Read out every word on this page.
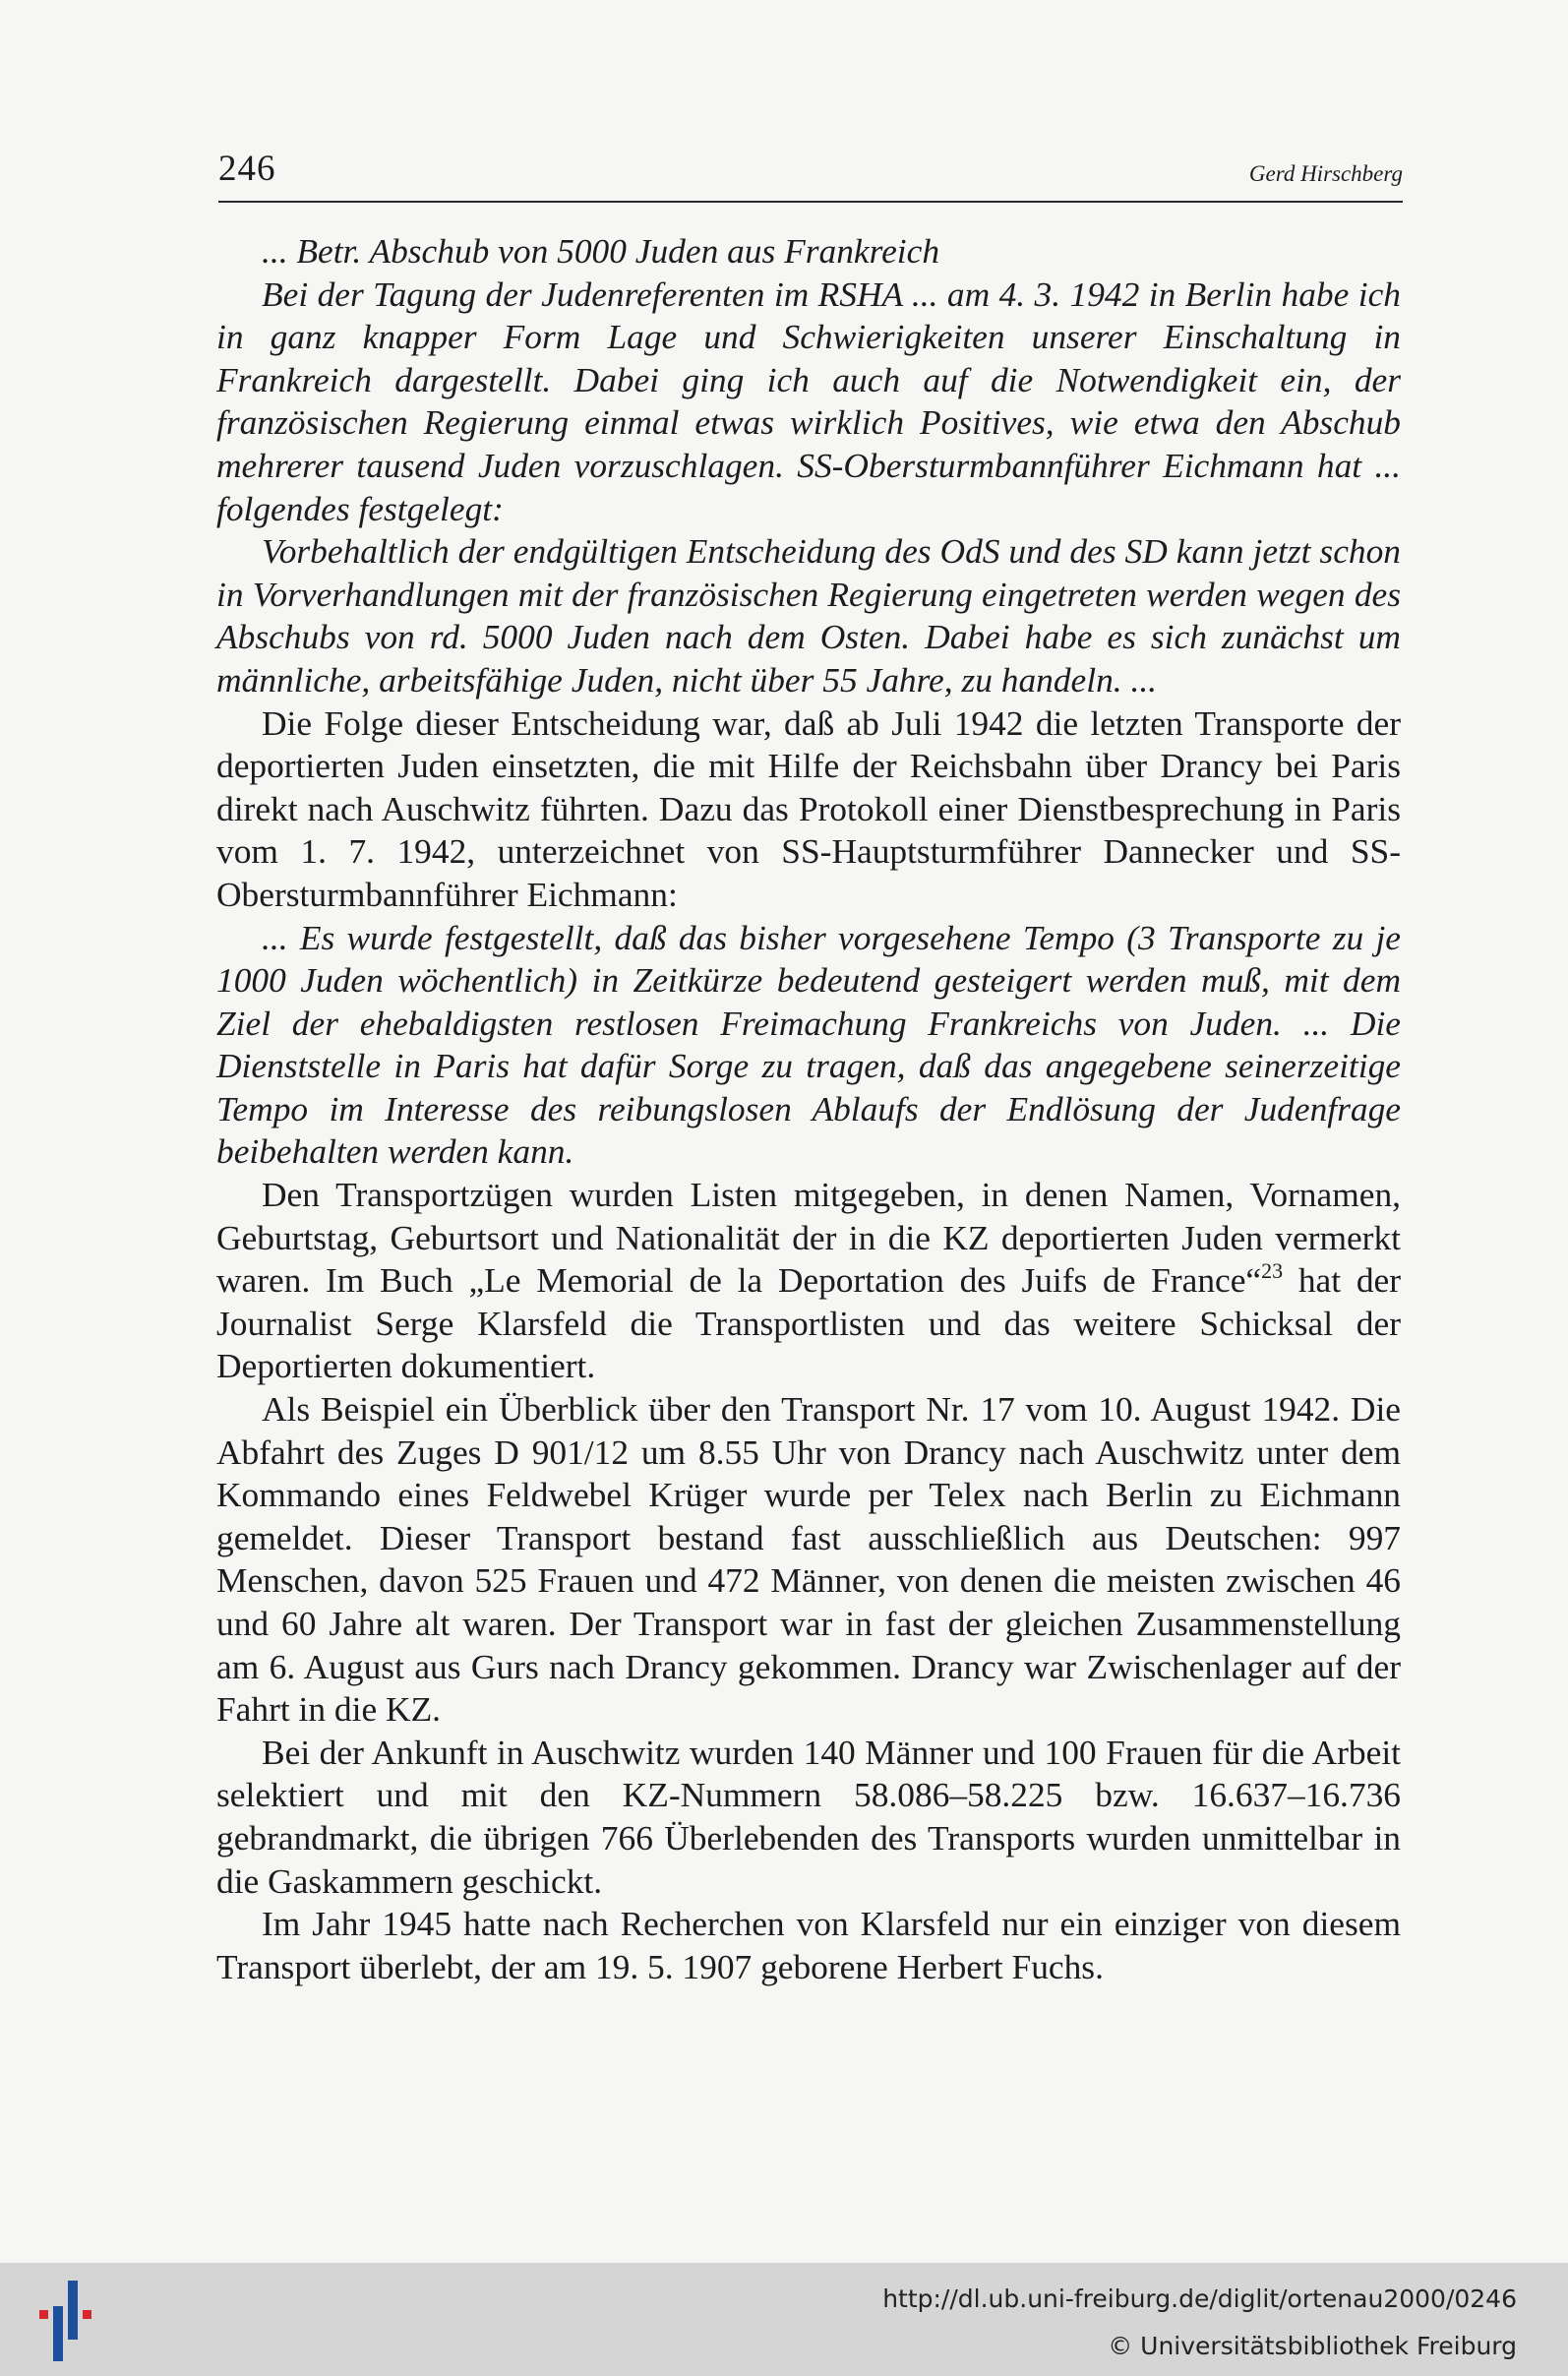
246	Gerd Hirschberg

... Betr. Abschub von 5000 Juden aus Frankreich

Bei der Tagung der Judenreferenten im RSHA ... am 4. 3. 1942 in Berlin habe ich in ganz knapper Form Lage und Schwierigkeiten unserer Einschaltung in Frankreich dargestellt. Dabei ging ich auch auf die Notwendigkeit ein, der französischen Regierung einmal etwas wirklich Positives, wie etwa den Abschub mehrerer tausend Juden vorzuschlagen. SS-Obersturmbannführer Eichmann hat ... folgendes festgelegt:

Vorbehaltlich der endgültigen Entscheidung des OdS und des SD kann jetzt schon in Vorverhandlungen mit der französischen Regierung eingetreten werden wegen des Abschubs von rd. 5000 Juden nach dem Osten. Dabei habe es sich zunächst um männliche, arbeitsfähige Juden, nicht über 55 Jahre, zu handeln. ...

Die Folge dieser Entscheidung war, daß ab Juli 1942 die letzten Transporte der deportierten Juden einsetzten, die mit Hilfe der Reichsbahn über Drancy bei Paris direkt nach Auschwitz führten. Dazu das Protokoll einer Dienstbesprechung in Paris vom 1. 7. 1942, unterzeichnet von SS-Hauptsturmführer Dannecker und SS-Obersturmbannführer Eichmann:

... Es wurde festgestellt, daß das bisher vorgesehene Tempo (3 Transporte zu je 1000 Juden wöchentlich) in Zeitkürze bedeutend gesteigert werden muß, mit dem Ziel der ehebaldigsten restlosen Freimachung Frankreichs von Juden. ... Die Dienststelle in Paris hat dafür Sorge zu tragen, daß das angegebene seinerzeitige Tempo im Interesse des reibungslosen Ablaufs der Endlösung der Judenfrage beibehalten werden kann.

Den Transportzügen wurden Listen mitgegeben, in denen Namen, Vornamen, Geburtstag, Geburtsort und Nationalität der in die KZ deportierten Juden vermerkt waren. Im Buch „Le Memorial de la Deportation des Juifs de France“$^{23}$ hat der Journalist Serge Klarsfeld die Transportlisten und das weitere Schicksal der Deportierten dokumentiert.

Als Beispiel ein Überblick über den Transport Nr. 17 vom 10. August 1942. Die Abfahrt des Zuges D 901/12 um 8.55 Uhr von Drancy nach Auschwitz unter dem Kommando eines Feldwebel Krüger wurde per Telex nach Berlin zu Eichmann gemeldet. Dieser Transport bestand fast ausschließlich aus Deutschen: 997 Menschen, davon 525 Frauen und 472 Männer, von denen die meisten zwischen 46 und 60 Jahre alt waren. Der Transport war in fast der gleichen Zusammenstellung am 6. August aus Gurs nach Drancy gekommen. Drancy war Zwischenlager auf der Fahrt in die KZ.

Bei der Ankunft in Auschwitz wurden 140 Männer und 100 Frauen für die Arbeit selektiert und mit den KZ-Nummern 58.086–58.225 bzw. 16.637–16.736 gebrandmarkt, die übrigen 766 Überlebenden des Transports wurden unmittelbar in die Gaskammern geschickt.

Im Jahr 1945 hatte nach Recherchen von Klarsfeld nur ein einziger von diesem Transport überlebt, der am 19. 5. 1907 geborene Herbert Fuchs.

http://dl.ub.uni-freiburg.de/diglit/ortenau2000/0246
© Universitätsbibliothek Freiburg
